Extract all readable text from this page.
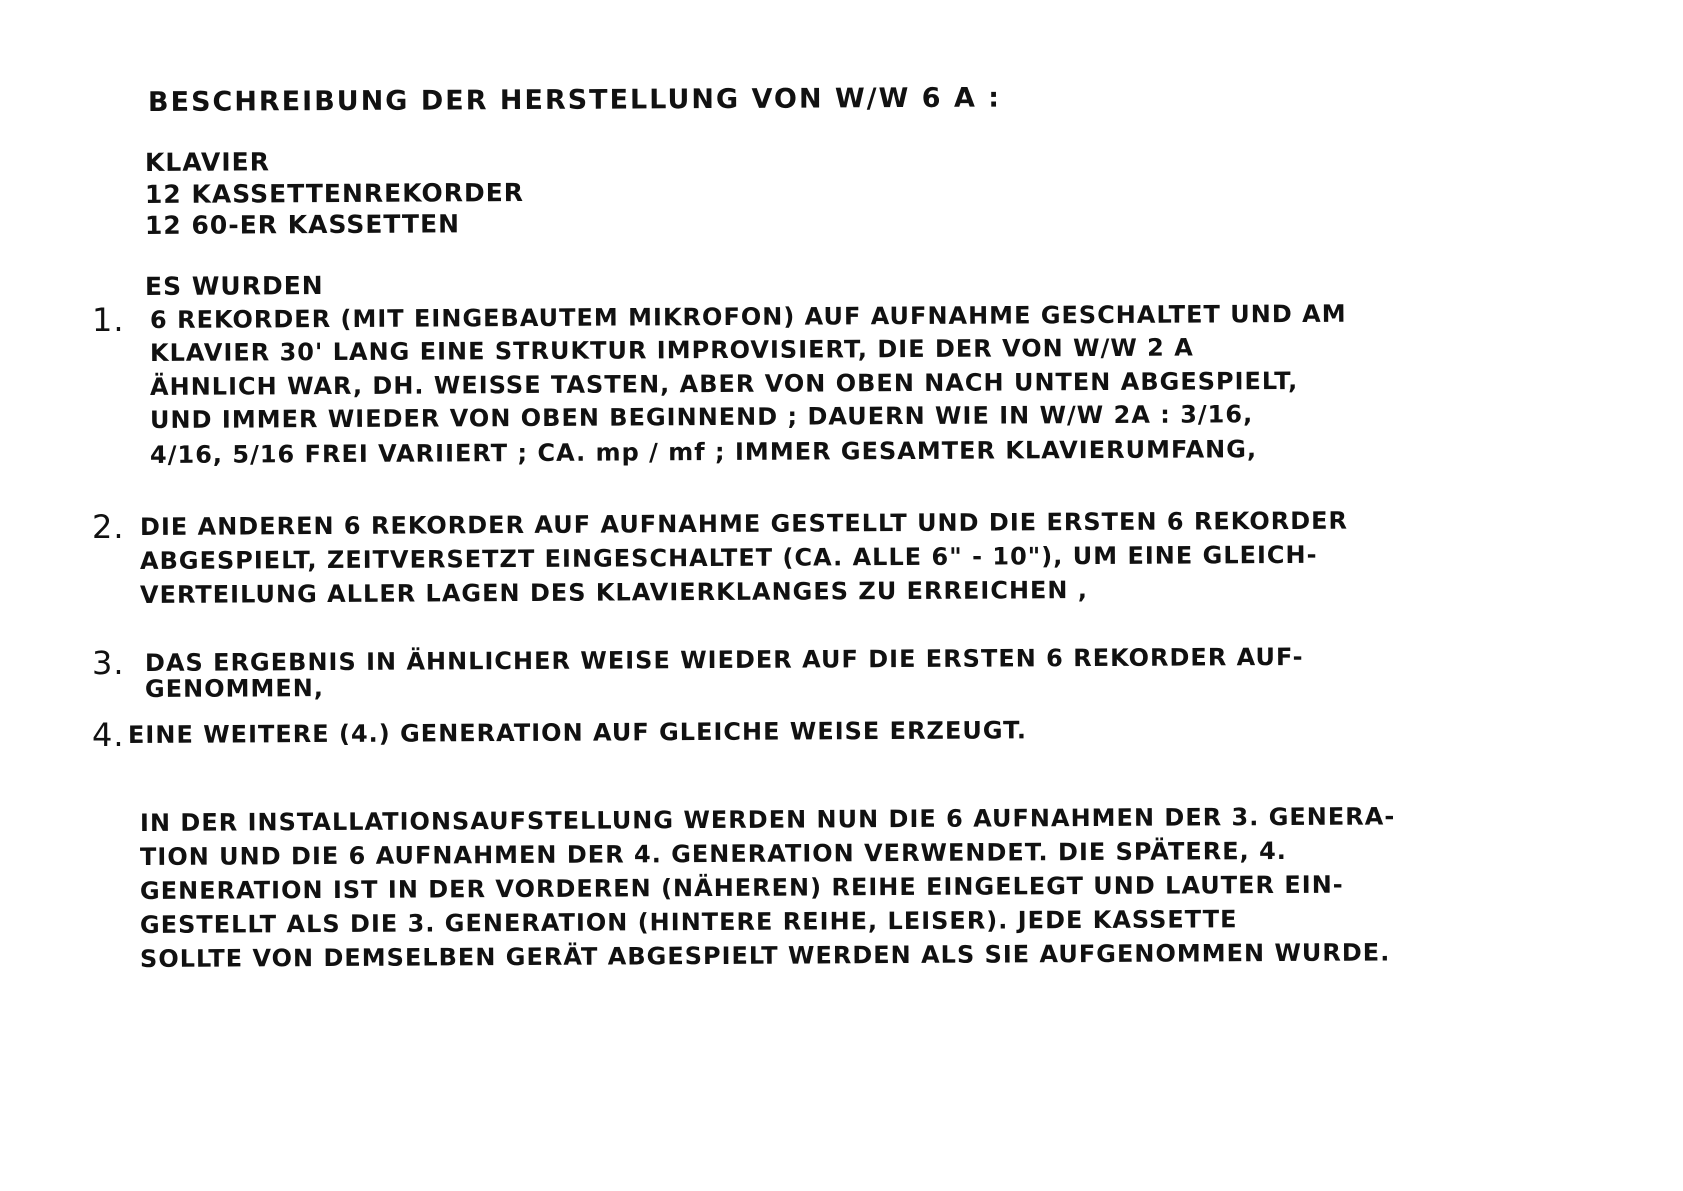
BESCHREIBUNG DER HERSTELLUNG VON W/W 6 A :
KLAVIER
12 KASSETTENREKORDER
12 60-ER KASSETTEN
ES WURDEN
1. 6 REKORDER (MIT EINGEBAUTEM MIKROFON) AUF AUFNAHME GESCHALTET UND AM
KLAVIER 30' LANG EINE STRUKTUR IMPROVISIERT, DIE DER VON W/W 2 A
ÄHNLICH WAR, DH. WEISSE TASTEN, ABER VON OBEN NACH UNTEN ABGESPIELT,
UND IMMER WIEDER VON OBEN BEGINNEND ; DAUERN WIE IN W/W 2A : 3/16,
4/16, 5/16 FREI VARIIERT ; CA. mp / mf ; IMMER GESAMTER KLAVIERUMFANG,
2. DIE ANDEREN 6 REKORDER AUF AUFNAHME GESTELLT UND DIE ERSTEN 6 REKORDER
ABGESPIELT, ZEITVERSETZT EINGESCHALTET (CA. ALLE 6" - 10"), UM EINE GLEICH-
VERTEILUNG ALLER LAGEN DES KLAVIERKLANGES ZU ERREICHEN ,
3. DAS ERGEBNIS IN ÄHNLICHER WEISE WIEDER AUF DIE ERSTEN 6 REKORDER AUF-
GENOMMEN,
4. EINE WEITERE (4.) GENERATION AUF GLEICHE WEISE ERZEUGT.
IN DER INSTALLATIONSAUFSTELLUNG WERDEN NUN DIE 6 AUFNAHMEN DER 3. GENERA-
TION UND DIE 6 AUFNAHMEN DER 4. GENERATION VERWENDET. DIE SPÄTERE, 4.
GENERATION IST IN DER VORDEREN (NÄHEREN) REIHE EINGELEGT UND LAUTER EIN-
GESTELLT ALS DIE 3. GENERATION (HINTERE REIHE, LEISER). JEDE KASSETTE
SOLLTE VON DEMSELBEN GERÄT ABGESPIELT WERDEN ALS SIE AUFGENOMMEN WURDE.
